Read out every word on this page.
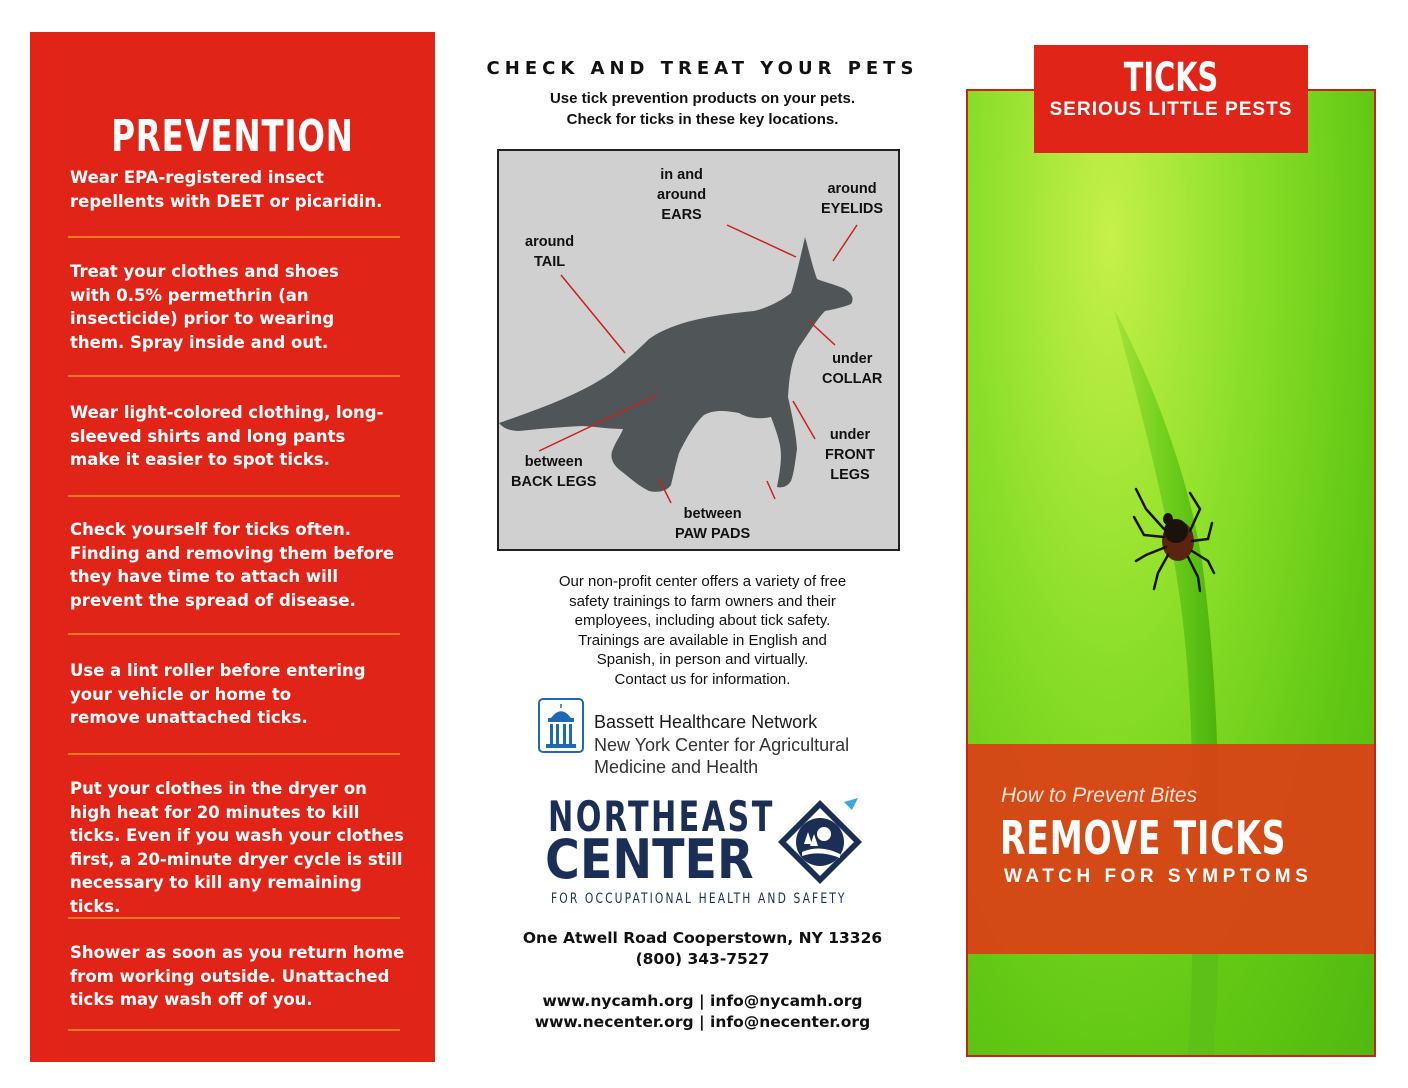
PREVENTION
Wear EPA-registered insect
repellents with DEET or picaridin.
Treat your clothes and shoes
with 0.5% permethrin (an
insecticide) prior to wearing
them. Spray inside and out.
Wear light-colored clothing, long-
sleeved shirts and long pants
make it easier to spot ticks.
Check yourself for ticks often.
Finding and removing them before
they have time to attach will
prevent the spread of disease.
Use a lint roller before entering
your vehicle or home to
remove unattached ticks.
Put your clothes in the dryer on
high heat for 20 minutes to kill
ticks. Even if you wash your clothes
first, a 20-minute dryer cycle is still
necessary to kill any remaining ticks.
Shower as soon as you return home
from working outside. Unattached
ticks may wash off of you.
CHECK AND TREAT YOUR PETS
Use tick prevention products on your pets.
Check for ticks in these key locations.
in and
around
EARS
around
EYELIDS
around
TAIL
under
COLLAR
under
FRONT
LEGS
between
BACK LEGS
between
PAW PADS
Our non-profit center offers a variety of free
safety trainings to farm owners and their
employees, including about tick safety.
Trainings are available in English and
Spanish, in person and virtually.
Contact us for information.
Bassett Healthcare Network
New York Center for Agricultural
Medicine and Health
NORTHEAST
CENTER
FOR OCCUPATIONAL HEALTH AND SAFETY
One Atwell Road Cooperstown, NY 13326
(800) 343-7527
www.nycamh.org | info@nycamh.org
www.necenter.org | info@necenter.org
TICKS
SERIOUS LITTLE PESTS
How to Prevent Bites
REMOVE TICKS
WATCH FOR SYMPTOMS
